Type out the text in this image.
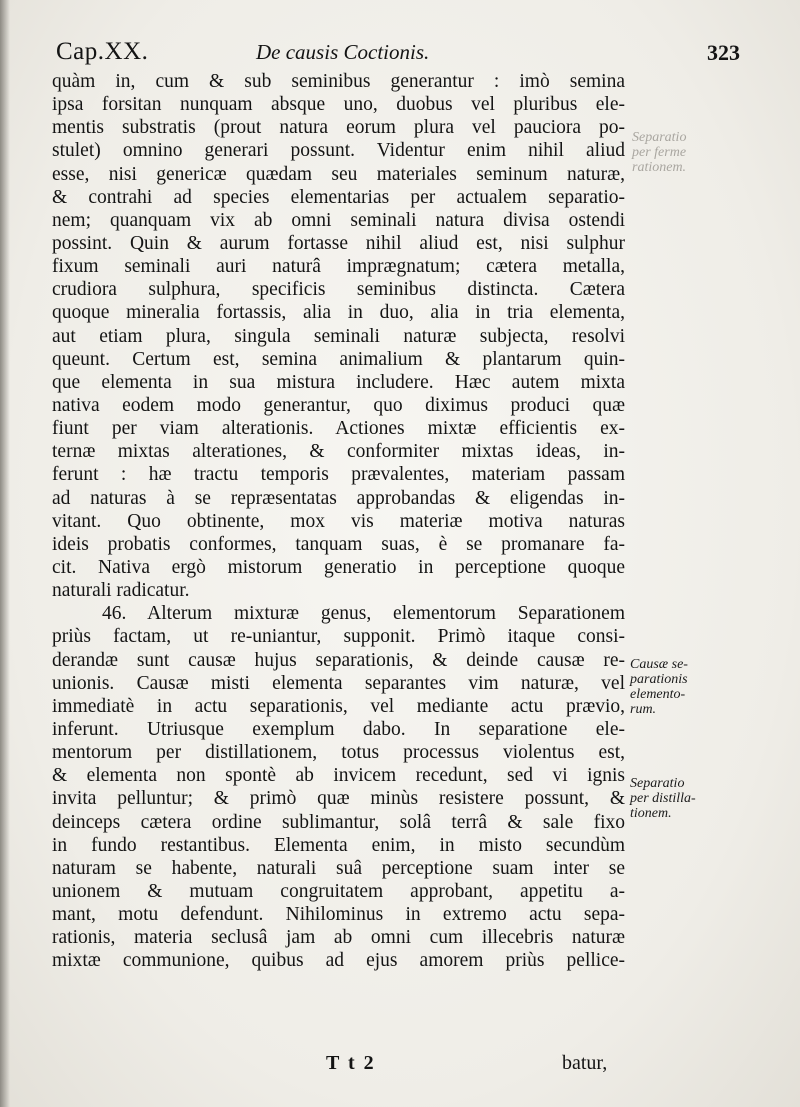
Cap.XX.	De causis Coctionis.	323
quàm in, cum & sub seminibus generantur : imò semina
ipsa forsitan nunquam absque uno, duobus vel pluribus ele-
mentis substratis (prout natura eorum plura vel pauciora po-
stulet) omnino generari possunt. Videntur enim nihil aliud
esse, nisi genericæ quædam seu materiales seminum naturæ,
& contrahi ad species elementarias per actualem separatio-
nem; quanquam vix ab omni seminali natura divisa ostendi
possint. Quin & aurum fortasse nihil aliud est, nisi sulphur
fixum seminali auri naturâ imprægnatum; cætera metalla,
crudiora sulphura, specificis seminibus distincta. Cætera
quoque mineralia fortassis, alia in duo, alia in tria elementa,
aut etiam plura, singula seminali naturæ subjecta, resolvi
queunt. Certum est, semina animalium & plantarum quin-
que elementa in sua mistura includere. Hæc autem mixta
nativa eodem modo generantur, quo diximus produci quæ
fiunt per viam alterationis. Actiones mixtæ efficientis ex-
ternæ mixtas alterationes, & conformiter mixtas ideas, in-
ferunt : hæ tractu temporis prævalentes, materiam passam
ad naturas à se repræsentatas approbandas & eligendas in-
vitant. Quo obtinente, mox vis materiæ motiva naturas
ideis probatis conformes, tanquam suas, è se promanare fa-
cit. Nativa ergò mistorum generatio in perceptione quoque
naturali radicatur.
46. Alterum mixturæ genus, elementorum Separationem
priùs factam, ut re-uniantur, supponit. Primò itaque consi-
derandæ sunt causæ hujus separationis, & deinde causæ re-
unionis. Causæ misti elementa separantes vim naturæ, vel
immediatè in actu separationis, vel mediante actu prævio,
inferunt. Utriusque exemplum dabo. In separatione ele-
mentorum per distillationem, totus processus violentus est,
& elementa non spontè ab invicem recedunt, sed vi ignis
invita pelluntur; & primò quæ minùs resistere possunt, &
deinceps cætera ordine sublimantur, solâ terrâ & sale fixo
in fundo restantibus. Elementa enim, in misto secundùm
naturam se habente, naturali suâ perceptione suam inter se
unionem & mutuam congruitatem approbant, appetitu a-
mant, motu defendunt. Nihilominus in extremo actu sepa-
rationis, materia seclusâ jam ab omni cum illecebris naturæ
mixtæ communione, quibus ad ejus amorem priùs pellice-
Separatio
per ferme
rationem.
Causæ se-
parationis
elemento-
rum.
Separatio
per distilla-
tionem.
T t 2	batur,
